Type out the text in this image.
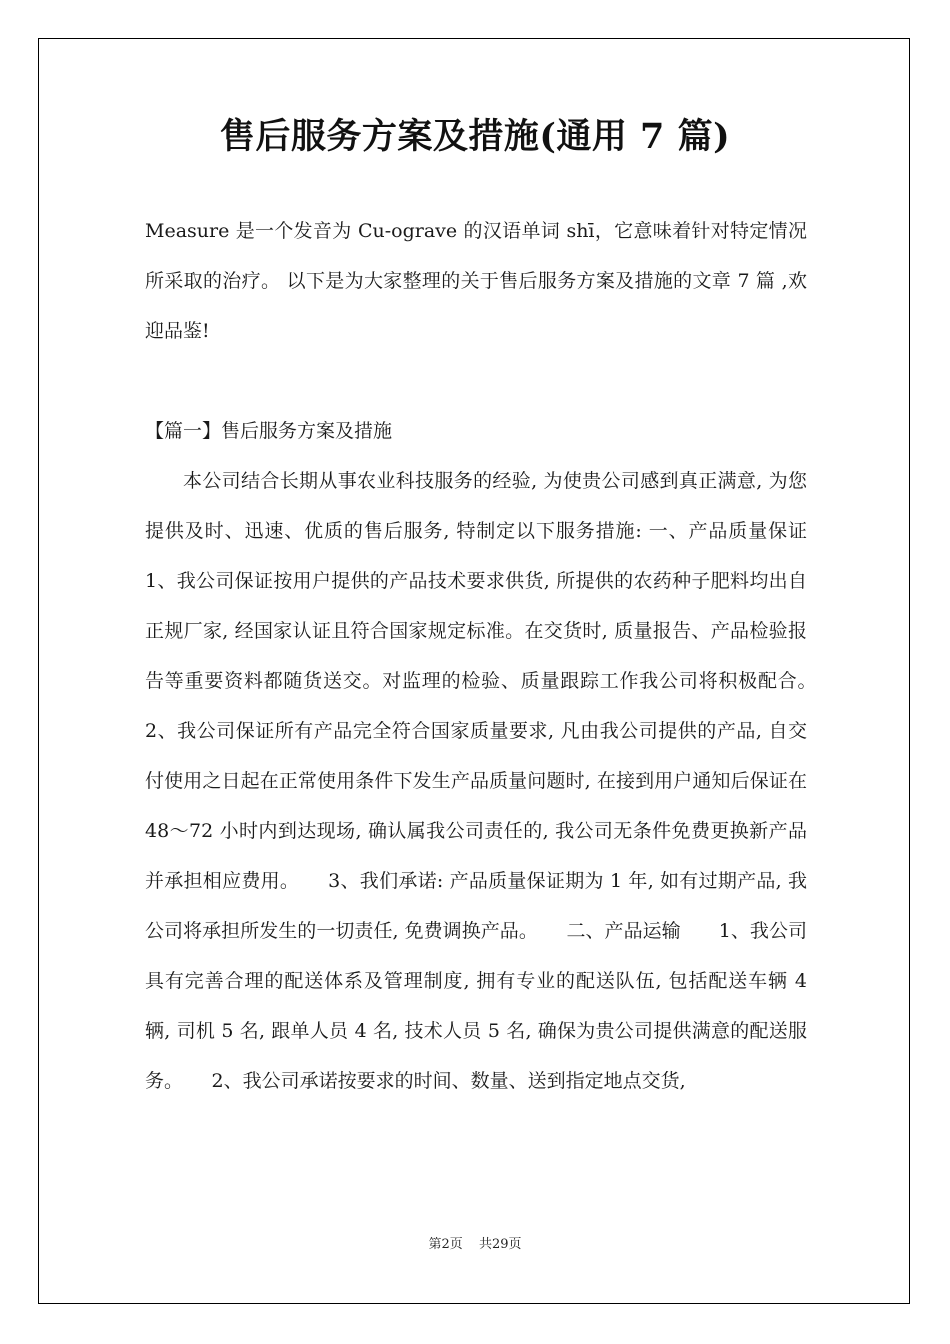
售后服务方案及措施(通用 7 篇)

Measure 是一个发音为 Cu-ograve 的汉语单词 shī，它意味着针对特定情况所采取的治疗。 以下是为大家整理的关于售后服务方案及措施的文章 7 篇 ,欢迎品鉴!

【篇一】售后服务方案及措施

本公司结合长期从事农业科技服务的经验, 为使贵公司感到真正满意, 为您提供及时、迅速、优质的售后服务, 特制定以下服务措施: 一、产品质量保证　　1、我公司保证按用户提供的产品技术要求供货, 所提供的农药种子肥料均出自正规厂家, 经国家认证且符合国家规定标准。在交货时, 质量报告、产品检验报告等重要资料都随货送交。对监理的检验、质量跟踪工作我公司将积极配合。　　2、我公司保证所有产品完全符合国家质量要求, 凡由我公司提供的产品, 自交付使用之日起在正常使用条件下发生产品质量问题时, 在接到用户通知后保证在 48～72 小时内到达现场, 确认属我公司责任的, 我公司无条件免费更换新产品并承担相应费用。　　3、我们承诺: 产品质量保证期为 1 年, 如有过期产品, 我公司将承担所发生的一切责任, 免费调换产品。　　二、产品运输　　1、我公司具有完善合理的配送体系及管理制度, 拥有专业的配送队伍, 包括配送车辆 4 辆, 司机 5 名, 跟单人员 4 名, 技术人员 5 名, 确保为贵公司提供满意的配送服务。　　2、我公司承诺按要求的时间、数量、送到指定地点交货,

第2页 共29页
